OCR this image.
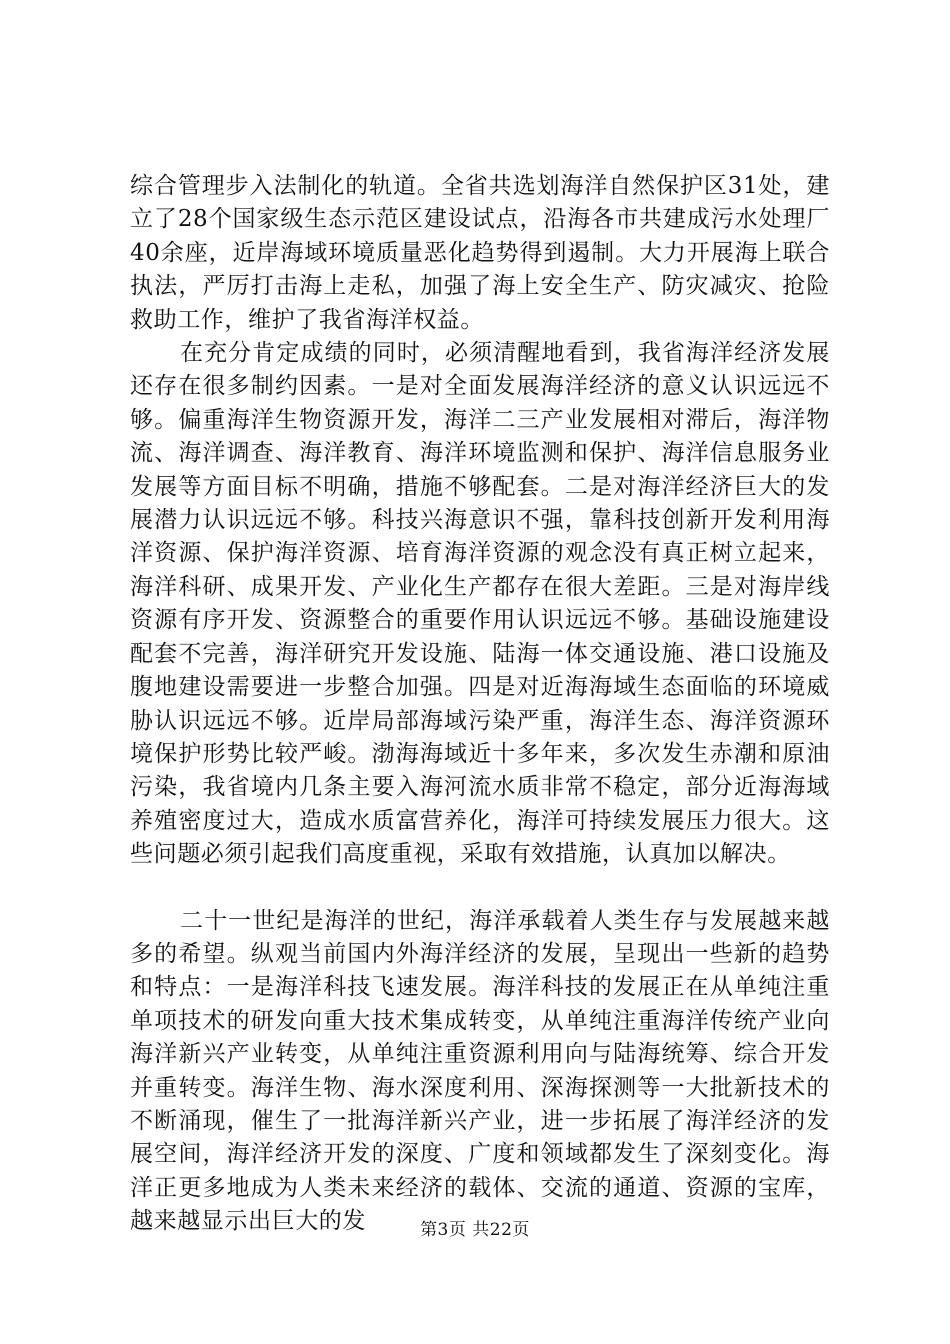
综合管理步入法制化的轨道。全省共选划海洋自然保护区31处，建立了28个国家级生态示范区建设试点，沿海各市共建成污水处理厂40余座，近岸海域环境质量恶化趋势得到遏制。大力开展海上联合执法，严厉打击海上走私，加强了海上安全生产、防灾减灾、抢险救助工作，维护了我省海洋权益。

在充分肯定成绩的同时，必须清醒地看到，我省海洋经济发展还存在很多制约因素。一是对全面发展海洋经济的意义认识远远不够。偏重海洋生物资源开发，海洋二三产业发展相对滞后，海洋物流、海洋调查、海洋教育、海洋环境监测和保护、海洋信息服务业发展等方面目标不明确，措施不够配套。二是对海洋经济巨大的发展潜力认识远远不够。科技兴海意识不强，靠科技创新开发利用海洋资源、保护海洋资源、培育海洋资源的观念没有真正树立起来，海洋科研、成果开发、产业化生产都存在很大差距。三是对海岸线资源有序开发、资源整合的重要作用认识远远不够。基础设施建设配套不完善，海洋研究开发设施、陆海一体交通设施、港口设施及腹地建设需要进一步整合加强。四是对近海海域生态面临的环境威胁认识远远不够。近岸局部海域污染严重，海洋生态、海洋资源环境保护形势比较严峻。渤海海域近十多年来，多次发生赤潮和原油污染，我省境内几条主要入海河流水质非常不稳定，部分近海海域养殖密度过大，造成水质富营养化，海洋可持续发展压力很大。这些问题必须引起我们高度重视，采取有效措施，认真加以解决。

二十一世纪是海洋的世纪，海洋承载着人类生存与发展越来越多的希望。纵观当前国内外海洋经济的发展，呈现出一些新的趋势和特点：一是海洋科技飞速发展。海洋科技的发展正在从单纯注重单项技术的研发向重大技术集成转变，从单纯注重海洋传统产业向海洋新兴产业转变，从单纯注重资源利用向与陆海统筹、综合开发并重转变。海洋生物、海水深度利用、深海探测等一大批新技术的不断涌现，催生了一批海洋新兴产业，进一步拓展了海洋经济的发展空间，海洋经济开发的深度、广度和领域都发生了深刻变化。海洋正更多地成为人类未来经济的载体、交流的通道、资源的宝库，越来越显示出巨大的发	第3页 共22页
